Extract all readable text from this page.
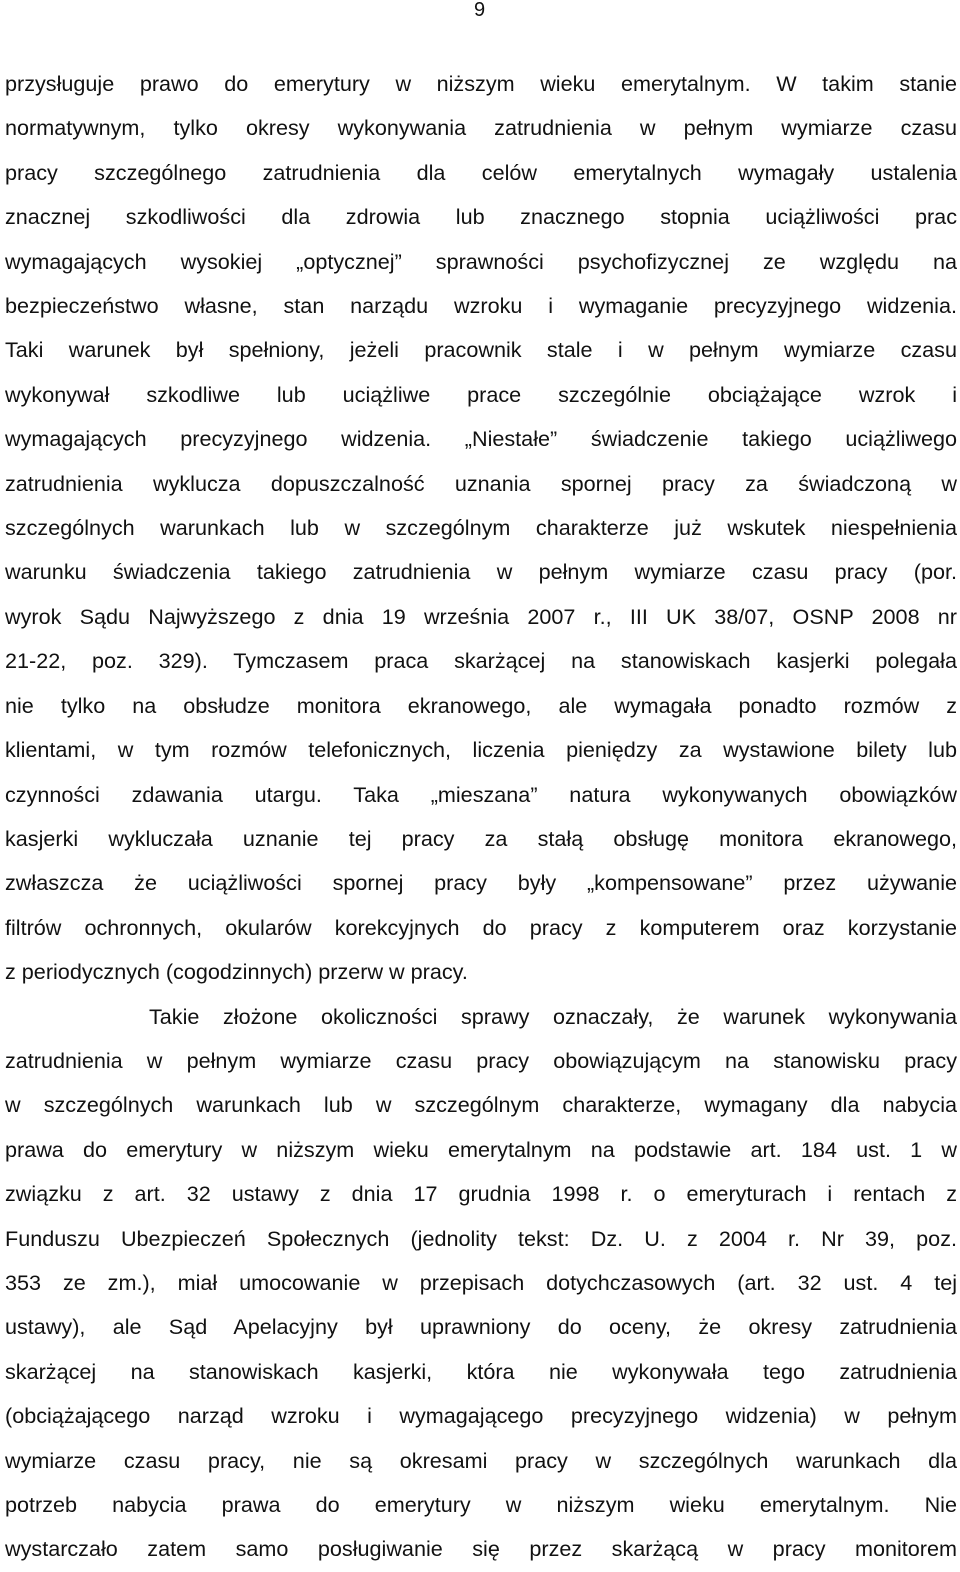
9
przysługuje prawo do emerytury w niższym wieku emerytalnym. W takim stanie
normatywnym, tylko okresy wykonywania zatrudnienia w pełnym wymiarze czasu
pracy szczególnego zatrudnienia dla celów emerytalnych wymagały ustalenia
znacznej szkodliwości dla zdrowia lub znacznego stopnia uciążliwości prac
wymagających wysokiej „optycznej” sprawności psychofizycznej ze względu na
bezpieczeństwo własne, stan narządu wzroku i wymaganie precyzyjnego widzenia.
Taki warunek był spełniony, jeżeli pracownik stale i w pełnym wymiarze czasu
wykonywał szkodliwe lub uciążliwe prace szczególnie obciążające wzrok i
wymagających precyzyjnego widzenia. „Niestałe” świadczenie takiego uciążliwego
zatrudnienia wyklucza dopuszczalność uznania spornej pracy za świadczoną w
szczególnych warunkach lub w szczególnym charakterze już wskutek niespełnienia
warunku świadczenia takiego zatrudnienia w pełnym wymiarze czasu pracy (por.
wyrok Sądu Najwyższego z dnia 19 września 2007 r., III UK 38/07, OSNP 2008 nr
21-22, poz. 329). Tymczasem praca skarżącej na stanowiskach kasjerki polegała
nie tylko na obsłudze monitora ekranowego, ale wymagała ponadto rozmów z
klientami, w tym rozmów telefonicznych, liczenia pieniędzy za wystawione bilety lub
czynności zdawania utargu. Taka „mieszana” natura wykonywanych obowiązków
kasjerki wykluczała uznanie tej pracy za stałą obsługę monitora ekranowego,
zwłaszcza że uciążliwości spornej pracy były „kompensowane” przez używanie
filtrów ochronnych, okularów korekcyjnych do pracy z komputerem oraz korzystanie
z periodycznych (cogodzinnych) przerw w pracy.
Takie złożone okoliczności sprawy oznaczały, że warunek wykonywania
zatrudnienia w pełnym wymiarze czasu pracy obowiązującym na stanowisku pracy
w szczególnych warunkach lub w szczególnym charakterze, wymagany dla nabycia
prawa do emerytury w niższym wieku emerytalnym na podstawie art. 184 ust. 1 w
związku z art. 32 ustawy z dnia 17 grudnia 1998 r. o emeryturach i rentach z
Funduszu Ubezpieczeń Społecznych (jednolity tekst: Dz. U. z 2004 r. Nr 39, poz.
353 ze zm.), miał umocowanie w przepisach dotychczasowych (art. 32 ust. 4 tej
ustawy), ale Sąd Apelacyjny był uprawniony do oceny, że okresy zatrudnienia
skarżącej na stanowiskach kasjerki, która nie wykonywała tego zatrudnienia
(obciążającego narząd wzroku i wymagającego precyzyjnego widzenia) w pełnym
wymiarze czasu pracy, nie są okresami pracy w szczególnych warunkach dla
potrzeb nabycia prawa do emerytury w niższym wieku emerytalnym. Nie
wystarczało zatem samo posługiwanie się przez skarżącą w pracy monitorem
